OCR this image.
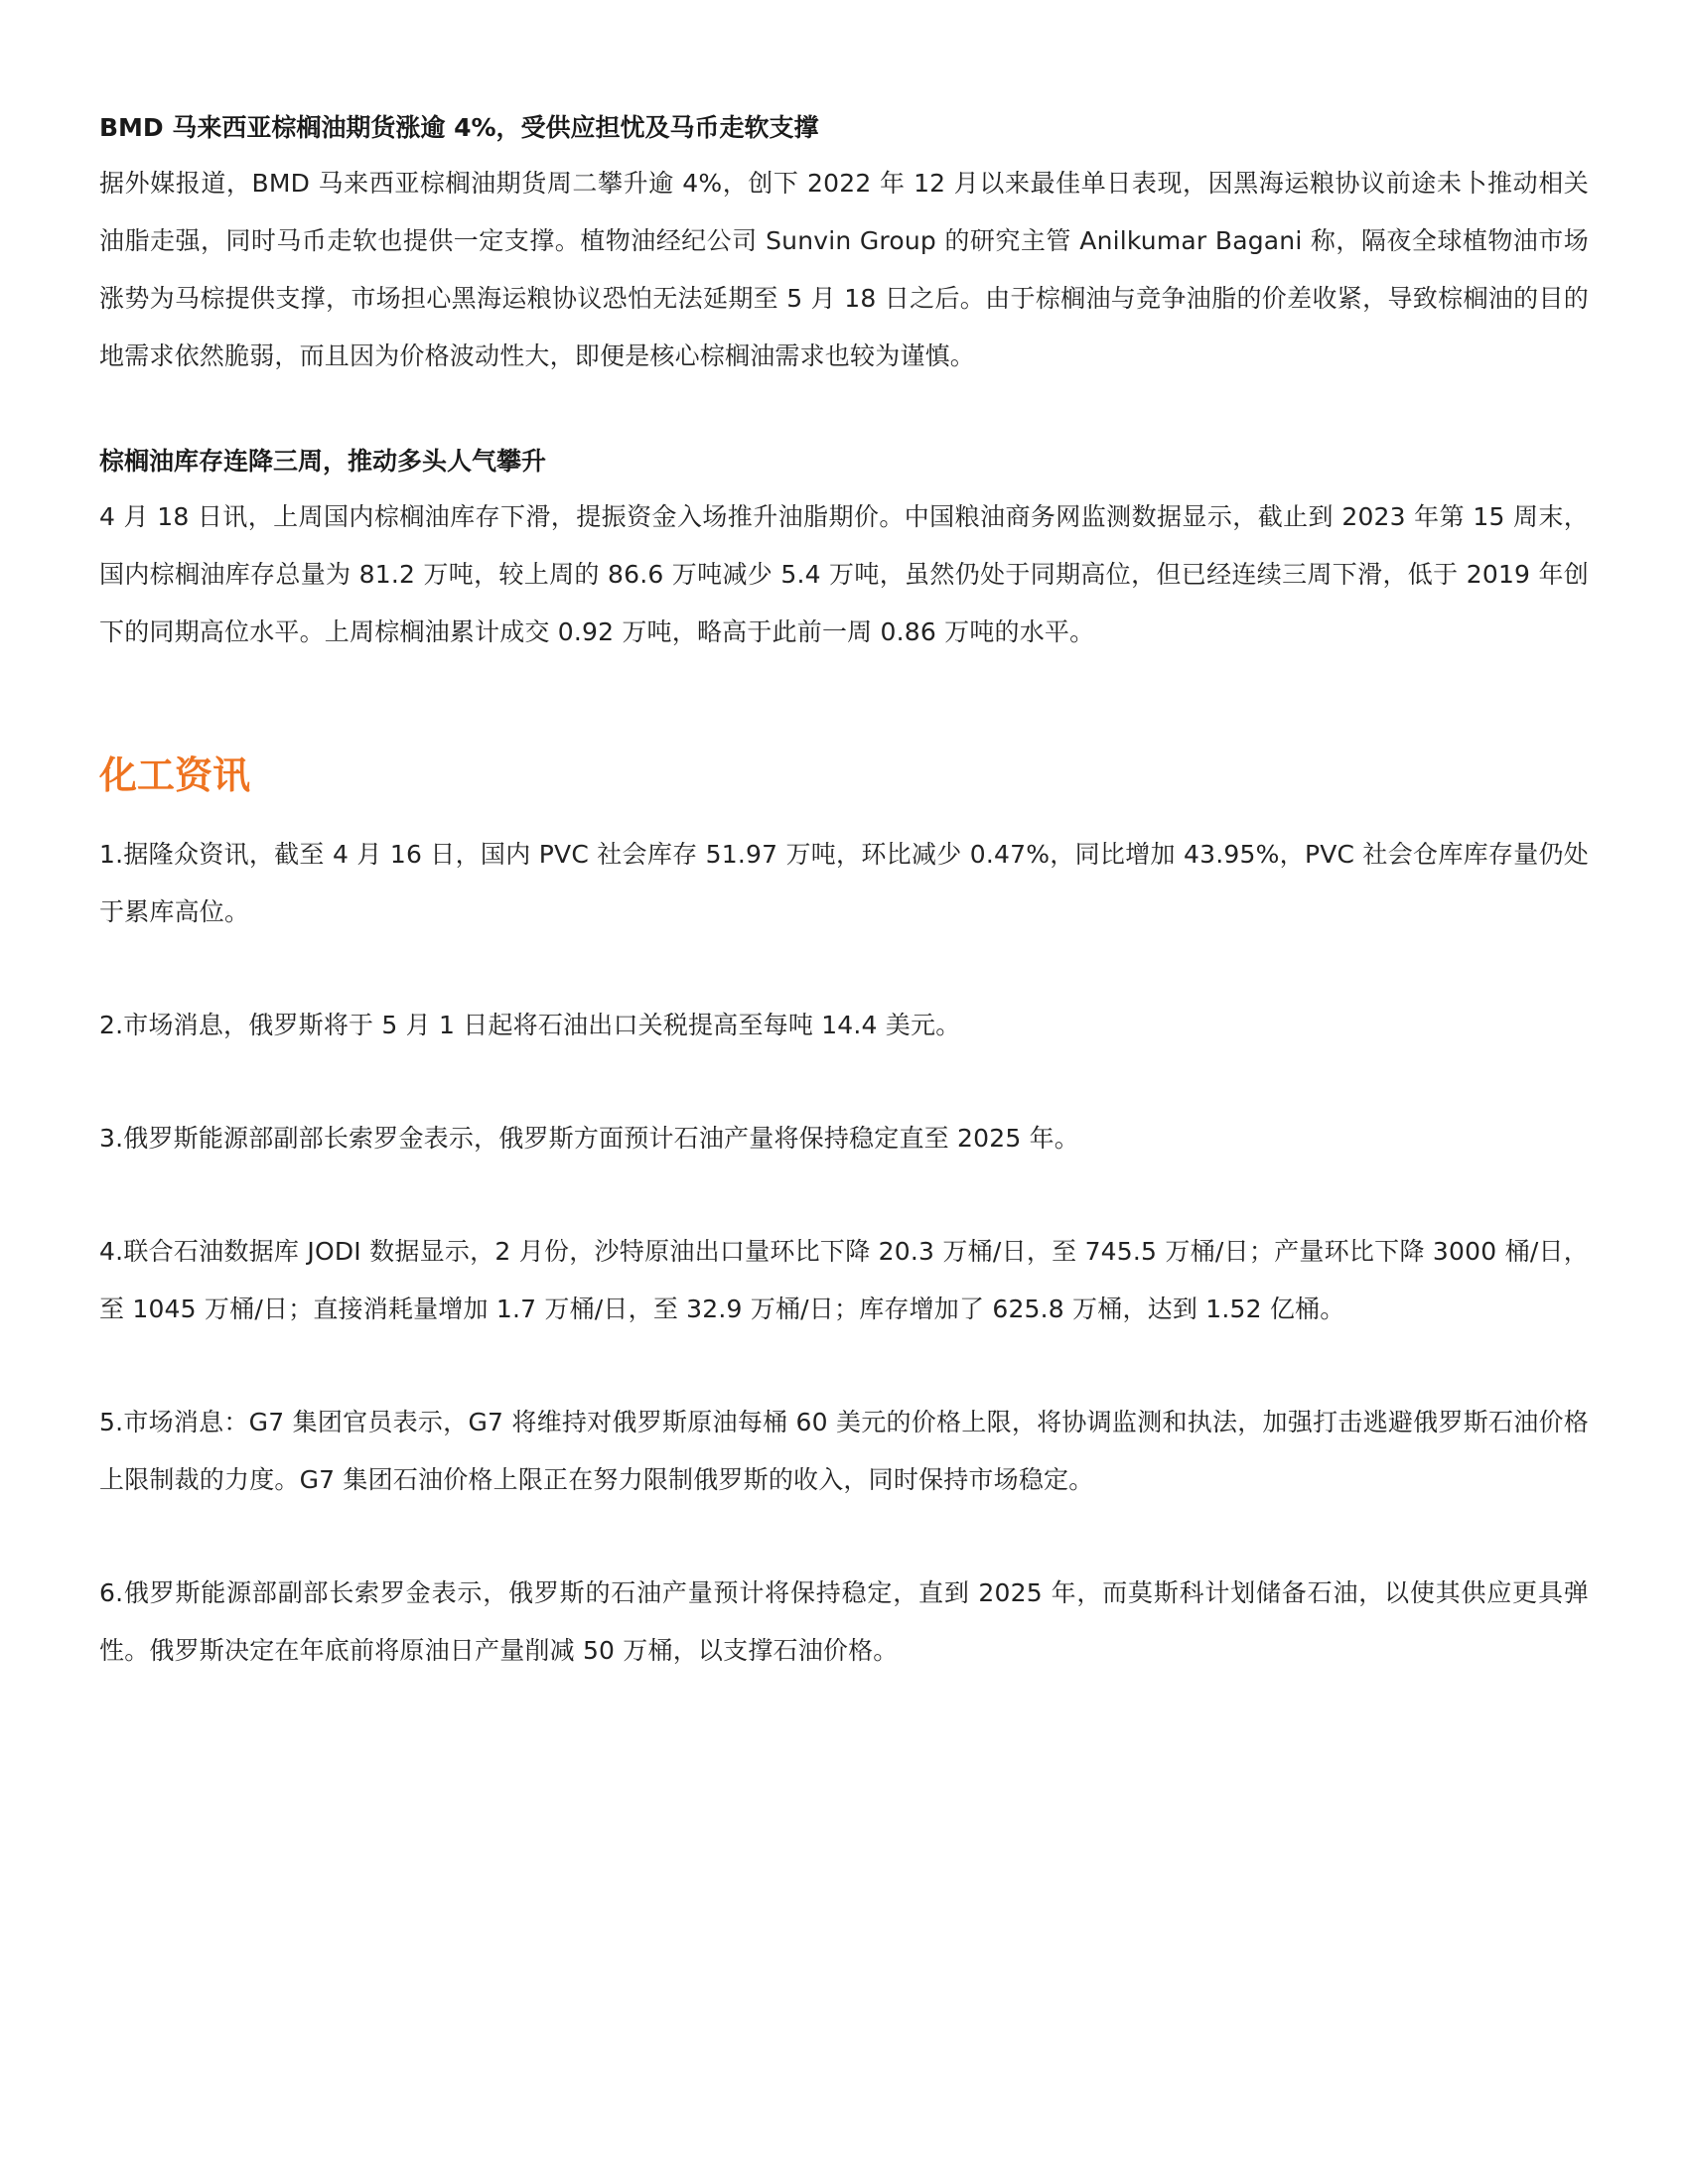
BMD 马来西亚棕榈油期货涨逾 4%，受供应担忧及马币走软支撑

据外媒报道，BMD 马来西亚棕榈油期货周二攀升逾 4%，创下 2022 年 12 月以来最佳单日表现，因黑海运粮协议前途未卜推动相关油脂走强，同时马币走软也提供一定支撑。植物油经纪公司 Sunvin Group 的研究主管 Anilkumar Bagani 称，隔夜全球植物油市场涨势为马棕提供支撑，市场担心黑海运粮协议恐怕无法延期至 5 月 18 日之后。由于棕榈油与竞争油脂的价差收紧，导致棕榈油的目的地需求依然脆弱，而且因为价格波动性大，即便是核心棕榈油需求也较为谨慎。

棕榈油库存连降三周，推动多头人气攀升

4 月 18 日讯，上周国内棕榈油库存下滑，提振资金入场推升油脂期价。中国粮油商务网监测数据显示，截止到 2023 年第 15 周末，国内棕榈油库存总量为 81.2 万吨，较上周的 86.6 万吨减少 5.4 万吨，虽然仍处于同期高位，但已经连续三周下滑，低于 2019 年创下的同期高位水平。上周棕榈油累计成交 0.92 万吨，略高于此前一周 0.86 万吨的水平。

化工资讯

1.据隆众资讯，截至 4 月 16 日，国内 PVC 社会库存 51.97 万吨，环比减少 0.47%，同比增加 43.95%，PVC 社会仓库库存量仍处于累库高位。

2.市场消息，俄罗斯将于 5 月 1 日起将石油出口关税提高至每吨 14.4 美元。

3.俄罗斯能源部副部长索罗金表示，俄罗斯方面预计石油产量将保持稳定直至 2025 年。

4.联合石油数据库 JODI 数据显示，2 月份，沙特原油出口量环比下降 20.3 万桶/日，至 745.5 万桶/日；产量环比下降 3000 桶/日，至 1045 万桶/日；直接消耗量增加 1.7 万桶/日，至 32.9 万桶/日；库存增加了 625.8 万桶，达到 1.52 亿桶。

5.市场消息：G7 集团官员表示，G7 将维持对俄罗斯原油每桶 60 美元的价格上限，将协调监测和执法，加强打击逃避俄罗斯石油价格上限制裁的力度。G7 集团石油价格上限正在努力限制俄罗斯的收入，同时保持市场稳定。

6.俄罗斯能源部副部长索罗金表示，俄罗斯的石油产量预计将保持稳定，直到 2025 年，而莫斯科计划储备石油，以使其供应更具弹性。俄罗斯决定在年底前将原油日产量削减 50 万桶，以支撑石油价格。
